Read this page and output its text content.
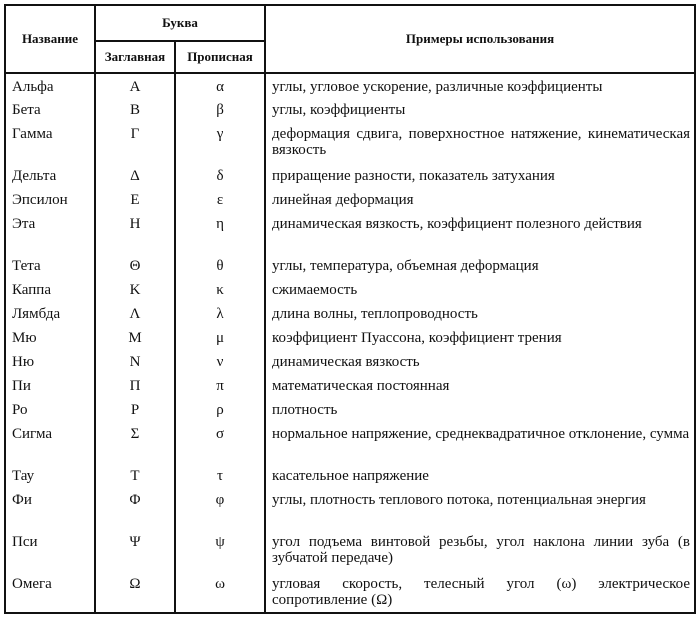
Название	Буква		Примеры использования
	Заглавная	Прописная	

Альфа	Α	α	углы, угловое ускорение, различные коэффициенты

Бета	Β	β	углы, коэффициенты

Гамма	Γ	γ	деформация сдвига, поверхностное натяжение, кинематическая вязкость

Дельта	Δ	δ	приращение разности, показатель затухания

Эпсилон	Ε	ε	линейная деформация

Эта	Η	η	динамическая вязкость, коэффициент полезного действия

Тета	Θ	θ	углы, температура, объемная деформация

Каппа	Κ	κ	сжимаемость

Лямбда	Λ	λ	длина волны, теплопроводность

Мю	Μ	μ	коэффициент Пуассона, коэффициент трения

Ню	Ν	ν	динамическая вязкость

Пи	Π	π	математическая постоянная

Ро	Ρ	ρ	плотность

Сигма	Σ	σ	нормальное напряжение, среднеквадратичное отклонение, сумма

Тау	Τ	τ	касательное напряжение

Фи	Φ	φ	углы, плотность теплового потока, потенциальная энергия

Пси	Ψ	ψ	угол подъема винтовой резьбы, угол наклона линии зуба (в зубчатой передаче)

Омега	Ω	ω	угловая скорость, телесный угол (ω) электрическое сопротивление (Ω)
